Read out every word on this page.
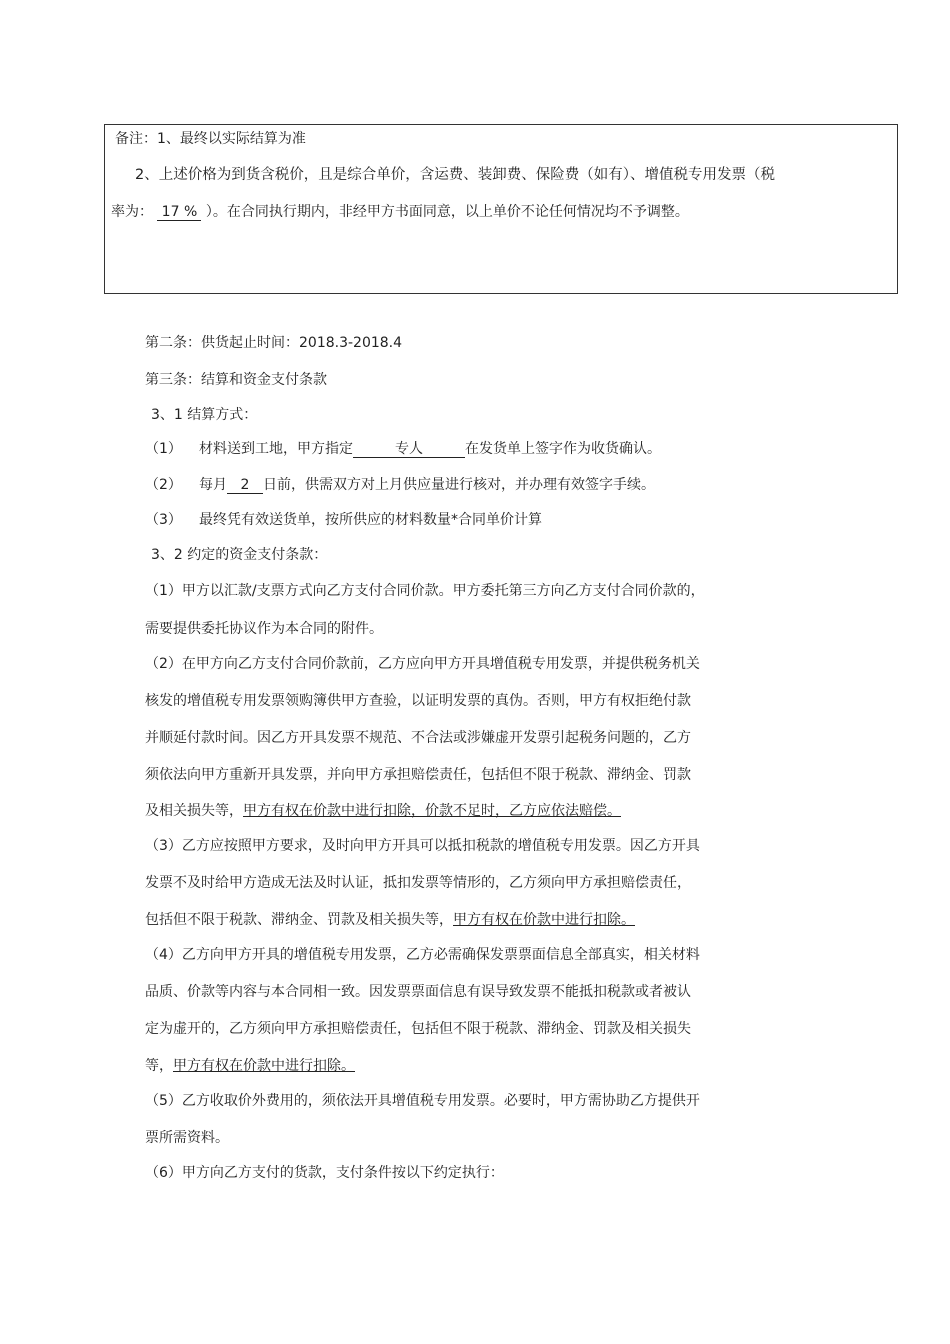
备注：1、最终以实际结算为准
2、上述价格为到货含税价，且是综合单价，含运费、装卸费、保险费（如有）、增值税专用发票（税
率为： 17 % ）。在合同执行期内，非经甲方书面同意，以上单价不论任何情况均不予调整。
第二条：供货起止时间：2018.3-2018.4
第三条：结算和资金支付条款
3、1 结算方式：
（1） 材料送到工地，甲方指定	专人	在发货单上签字作为收货确认。
（2） 每月 2 日前，供需双方对上月供应量进行核对，并办理有效签字手续。
（3） 最终凭有效送货单，按所供应的材料数量*合同单价计算
3、2 约定的资金支付条款：
（1）甲方以汇款/支票方式向乙方支付合同价款。甲方委托第三方向乙方支付合同价款的，
需要提供委托协议作为本合同的附件。
（2）在甲方向乙方支付合同价款前，乙方应向甲方开具增值税专用发票，并提供税务机关
核发的增值税专用发票领购簿供甲方查验，以证明发票的真伪。否则，甲方有权拒绝付款
并顺延付款时间。因乙方开具发票不规范、不合法或涉嫌虚开发票引起税务问题的，乙方
须依法向甲方重新开具发票，并向甲方承担赔偿责任，包括但不限于税款、滞纳金、罚款
及相关损失等，甲方有权在价款中进行扣除，价款不足时，乙方应依法赔偿。
（3）乙方应按照甲方要求，及时向甲方开具可以抵扣税款的增值税专用发票。因乙方开具
发票不及时给甲方造成无法及时认证，抵扣发票等情形的，乙方须向甲方承担赔偿责任，
包括但不限于税款、滞纳金、罚款及相关损失等，甲方有权在价款中进行扣除。
（4）乙方向甲方开具的增值税专用发票，乙方必需确保发票票面信息全部真实，相关材料
品质、价款等内容与本合同相一致。因发票票面信息有误导致发票不能抵扣税款或者被认
定为虚开的，乙方须向甲方承担赔偿责任，包括但不限于税款、滞纳金、罚款及相关损失
等，甲方有权在价款中进行扣除。
（5）乙方收取价外费用的，须依法开具增值税专用发票。必要时，甲方需协助乙方提供开
票所需资料。
（6）甲方向乙方支付的货款，支付条件按以下约定执行：
